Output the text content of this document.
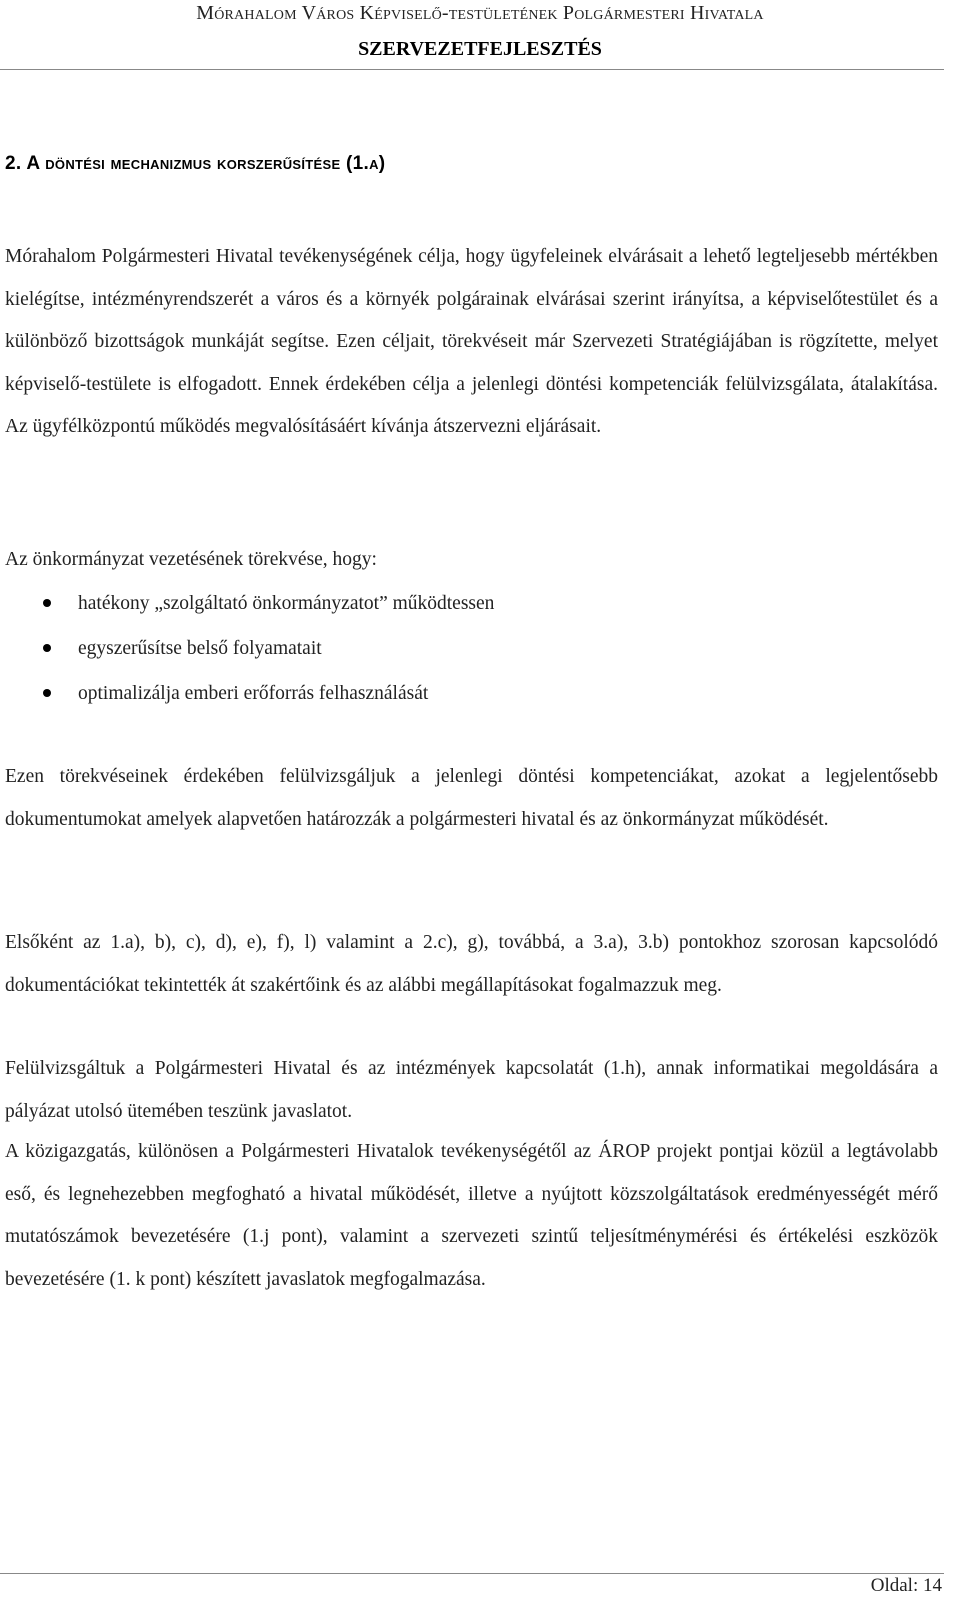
Mórahalom Város Képviselő-testületének Polgármesteri Hivatala
SZERVEZETFEJLESZTÉS
2. A döntési mechanizmus korszerűsítése (1.a)

Mórahalom Polgármesteri Hivatal tevékenységének célja, hogy ügyfeleinek elvárásait a lehető legteljesebb mértékben kielégítse, intézményrendszerét a város és a környék polgárainak elvárásai szerint irányítsa, a képviselőtestület és a különböző bizottságok munkáját segítse. Ezen céljait, törekvéseit már Szervezeti Stratégiájában is rögzítette, melyet képviselő-testülete is elfogadott. Ennek érdekében célja a jelenlegi döntési kompetenciák felülvizsgálata, átalakítása. Az ügyfélközpontú működés megvalósításáért kívánja átszervezni eljárásait.

Az önkormányzat vezetésének törekvése, hogy:

hatékony „szolgáltató önkormányzatot” működtessen
egyszerűsítse belső folyamatait
optimalizálja emberi erőforrás felhasználását

Ezen törekvéseinek érdekében felülvizsgáljuk a jelenlegi döntési kompetenciákat, azokat a legjelentősebb dokumentumokat amelyek alapvetően határozzák a polgármesteri hivatal és az önkormányzat működését.

Elsőként az 1.a), b), c), d), e), f), l) valamint a 2.c), g), továbbá, a 3.a), 3.b) pontokhoz szorosan kapcsolódó dokumentációkat tekintették át szakértőink és az alábbi megállapításokat fogalmazzuk meg.

Felülvizsgáltuk a Polgármesteri Hivatal és az intézmények kapcsolatát (1.h), annak informatikai megoldására a pályázat utolsó ütemében teszünk javaslatot.

A közigazgatás, különösen a Polgármesteri Hivatalok tevékenységétől az ÁROP projekt pontjai közül a legtávolabb eső, és legnehezebben megfogható a hivatal működését, illetve a nyújtott közszolgáltatások eredményességét mérő mutatószámok bevezetésére (1.j pont), valamint a szervezeti szintű teljesítménymérési és értékelési eszközök bevezetésére (1. k pont) készített javaslatok megfogalmazása.

Oldal: 14
